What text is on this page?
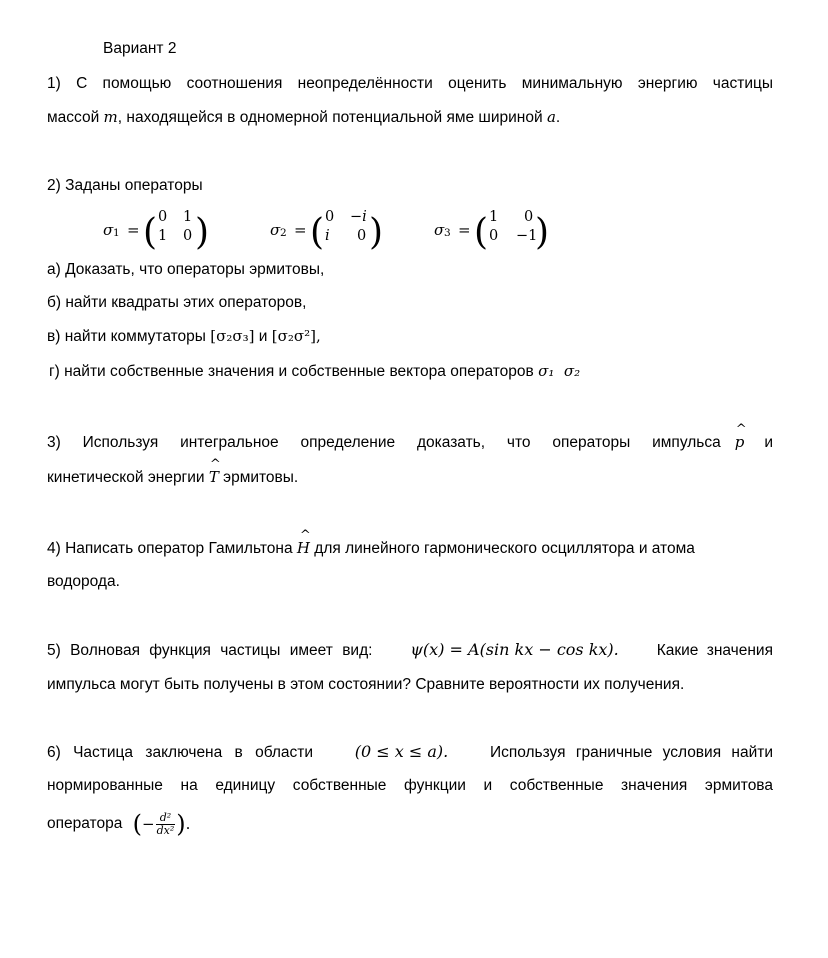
Вариант 2
1) С помощью соотношения неопределённости оценить минимальную энергию частицы
массой m, находящейся в одномерной потенциальной яме шириной a.
2) Заданы операторы
σ 1 = ( 0 1
1 0 )	σ 2 = ( 0 −i
i 0 )	σ 3 = ( 1 0
0 −1
)
а) Доказать, что операторы эрмитовы,
б) найти квадраты этих операторов,
в) найти коммутаторы [σ₂σ₃] и [σ₂σ²],
г) найти собственные значения и собственные вектора операторов σ₁  σ₂
3) Используя интегральное определение доказать, что операторы импульса
^
p и
кинетической энергии
^
T эрмитовы.
4) Написать оператор Гамильтона
^
H для линейного гармонического осциллятора и атома
водорода.
5) Волновая функция частицы имеет вид: ψ(x) = A(sin kx − cos kx). Какие значения
импульса могут быть получены в этом состоянии? Сравните вероятности их получения.
6) Частица заключена в области	(0 ≤ x ≤ a).	Используя граничные условия найти
нормированные на единицу собственные функции и собственные значения эрмитова
оператора (− $\frac{\text{d²}}{\text{dx²}}$ ).
